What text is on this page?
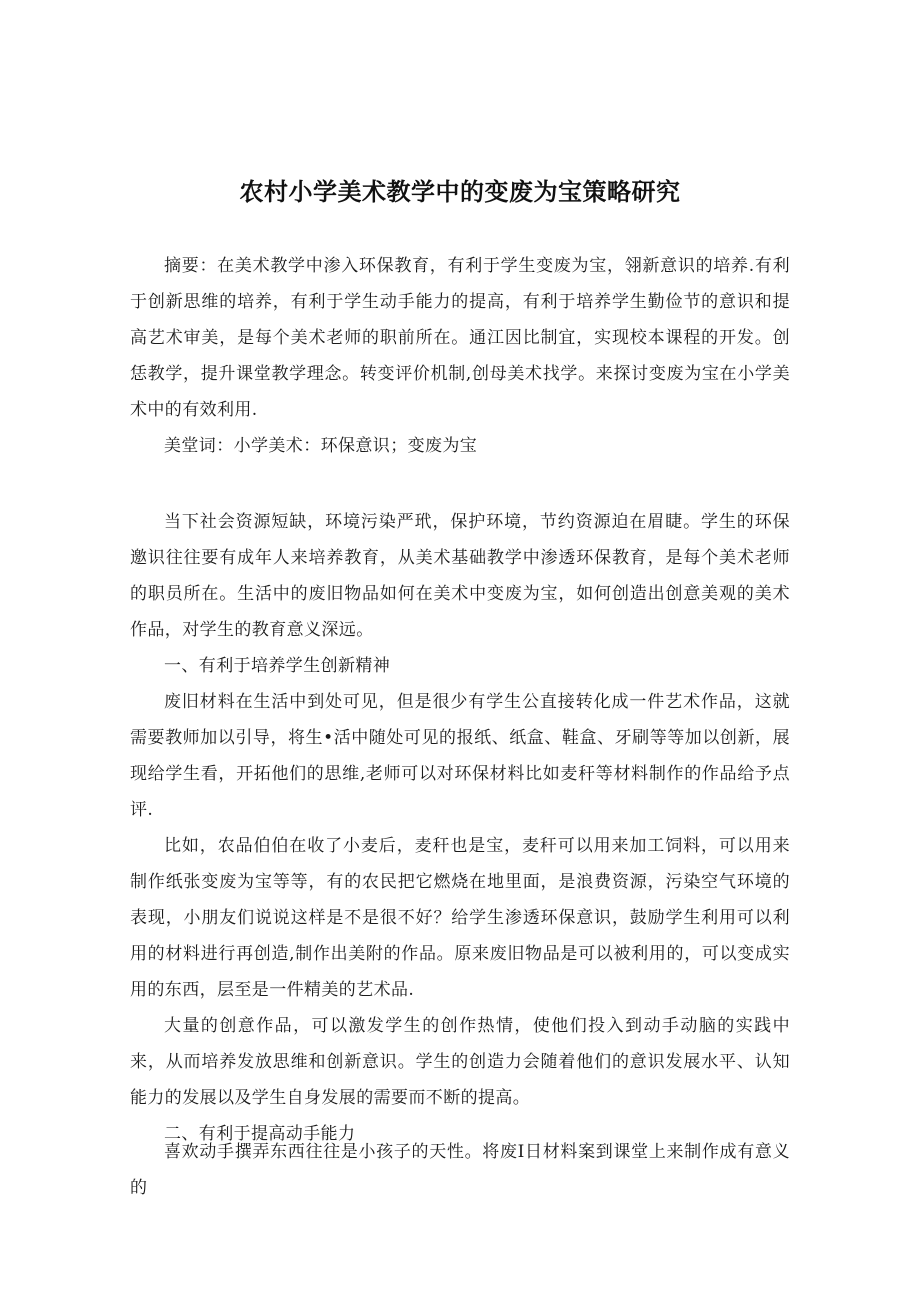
农村小学美术教学中的变废为宝策略研究

摘要：在美术教学中渗入环保教育，有利于学生变废为宝，翎新意识的培养.有利于创新思维的培养，有利于学生动手能力的提高，有利于培养学生勤俭节的意识和提高艺术审美，是每个美术老师的职前所在。通江因比制宜，实现校本课程的开发。创恁教学，提升课堂教学理念。转变评价机制,创母美术找学。来探讨变废为宝在小学美术中的有效利用.

美堂词：小学美术：环保意识；变废为宝

当下社会资源短缺，环境污染严玳，保护环境，节约资源迫在眉睫。学生的环保邀识往往要有成年人来培养教育，从美术基础教学中渗透环保教育，是每个美术老师的职员所在。生活中的废旧物品如何在美术中变废为宝，如何创造出创意美观的美术作品，对学生的教育意义深远。

一、有利于培养学生创新精神

废旧材料在生活中到处可见，但是很少有学生公直接转化成一件艺术作品，这就需要教师加以引导，将生•活中随处可见的报纸、纸盒、鞋盒、牙刷等等加以创新，展现给学生看，开拓他们的思维,老师可以对环保材料比如麦秆等材料制作的作品给予点评.

比如，农品伯伯在收了小麦后，麦秆也是宝，麦秆可以用来加工饲料，可以用来制作纸张变废为宝等等，有的农民把它燃烧在地里面，是浪费资源，污染空气环境的表现，小朋友们说说这样是不是很不好？给学生渗透环保意识，鼓励学生利用可以利用的材料进行再创造,制作出美附的作品。原来废旧物品是可以被利用的，可以变成实用的东西，层至是一件精美的艺术品.

大量的创意作品，可以激发学生的创作热情，使他们投入到动手动脑的实践中来，从而培养发放思维和创新意识。学生的创造力会随着他们的意识发展水平、认知能力的发展以及学生自身发展的需要而不断的提高。

二、有利于提高动手能力

喜欢动手撰弄东西往往是小孩子的天性。将废I日材料案到课堂上来制作成有意义的
